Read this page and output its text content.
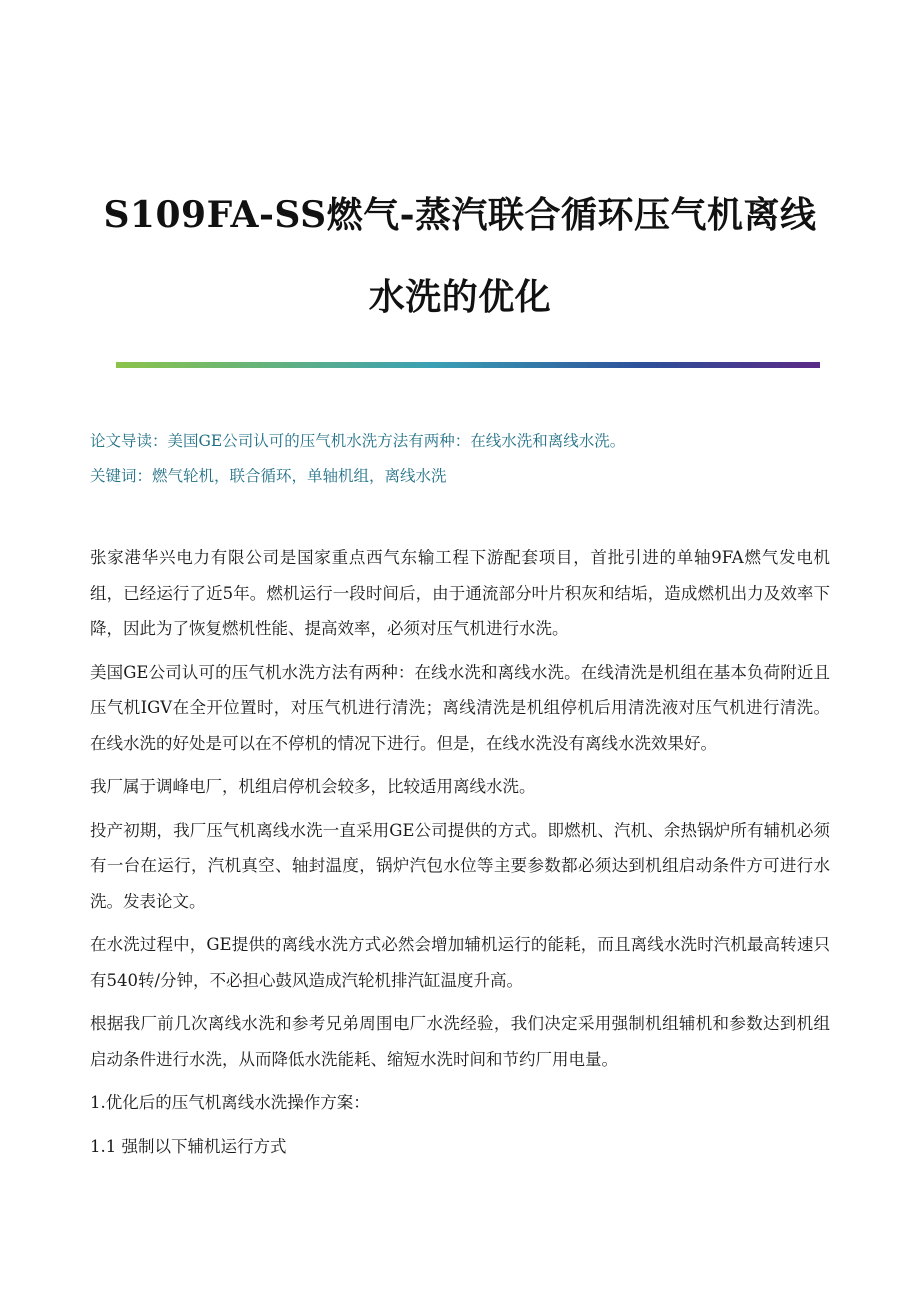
S109FA-SS燃气-蒸汽联合循环压气机离线水洗的优化

论文导读：美国GE公司认可的压气机水洗方法有两种：在线水洗和离线水洗。

关键词：燃气轮机，联合循环，单轴机组，离线水洗

张家港华兴电力有限公司是国家重点西气东输工程下游配套项目，首批引进的单轴9FA燃气发电机组，已经运行了近5年。燃机运行一段时间后，由于通流部分叶片积灰和结垢，造成燃机出力及效率下降，因此为了恢复燃机性能、提高效率，必须对压气机进行水洗。

美国GE公司认可的压气机水洗方法有两种：在线水洗和离线水洗。在线清洗是机组在基本负荷附近且压气机IGV在全开位置时，对压气机进行清洗；离线清洗是机组停机后用清洗液对压气机进行清洗。在线水洗的好处是可以在不停机的情况下进行。但是，在线水洗没有离线水洗效果好。

我厂属于调峰电厂，机组启停机会较多，比较适用离线水洗。

投产初期，我厂压气机离线水洗一直采用GE公司提供的方式。即燃机、汽机、余热锅炉所有辅机必须有一台在运行，汽机真空、轴封温度，锅炉汽包水位等主要参数都必须达到机组启动条件方可进行水洗。发表论文。

在水洗过程中，GE提供的离线水洗方式必然会增加辅机运行的能耗，而且离线水洗时汽机最高转速只有540转/分钟，不必担心鼓风造成汽轮机排汽缸温度升高。

根据我厂前几次离线水洗和参考兄弟周围电厂水洗经验，我们决定采用强制机组辅机和参数达到机组启动条件进行水洗，从而降低水洗能耗、缩短水洗时间和节约厂用电量。

1.优化后的压气机离线水洗操作方案：

1.1 强制以下辅机运行方式
